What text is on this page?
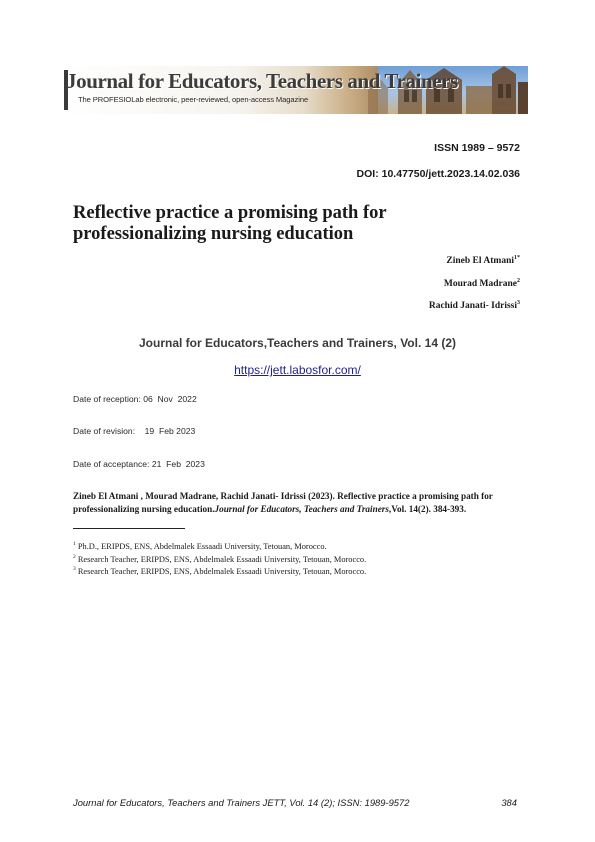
Journal for Educators, Teachers and Trainers
The PROFESIOLab electronic, peer-reviewed, open-access Magazine
ISSN 1989 – 9572
DOI: 10.47750/jett.2023.14.02.036
Reflective practice a promising path for professionalizing nursing education
Zineb El Atmani$^{1*}$
Mourad Madrane$^2$
Rachid Janati- Idrissi$^3$
Journal for Educators,Teachers and Trainers, Vol. 14 (2)
https://jett.labosfor.com/
Date of reception: 06  Nov  2022
Date of revision:    19  Feb 2023
Date of acceptance: 21  Feb  2023

Zineb El Atmani , Mourad Madrane, Rachid Janati- Idrissi (2023). Reflective practice a promising path for professionalizing nursing education.Journal for Educators, Teachers and Trainers,Vol. 14(2). 384-393.

$^1$ Ph.D., ERIPDS, ENS, Abdelmalek Essaadi University, Tetouan, Morocco.
$^2$ Research Teacher, ERIPDS, ENS, Abdelmalek Essaadi University, Tetouan, Morocco.
$^3$ Research Teacher, ERIPDS, ENS, Abdelmalek Essaadi University, Tetouan, Morocco.
Journal for Educators, Teachers and Trainers JETT, Vol. 14 (2); ISSN: 1989-9572	384
